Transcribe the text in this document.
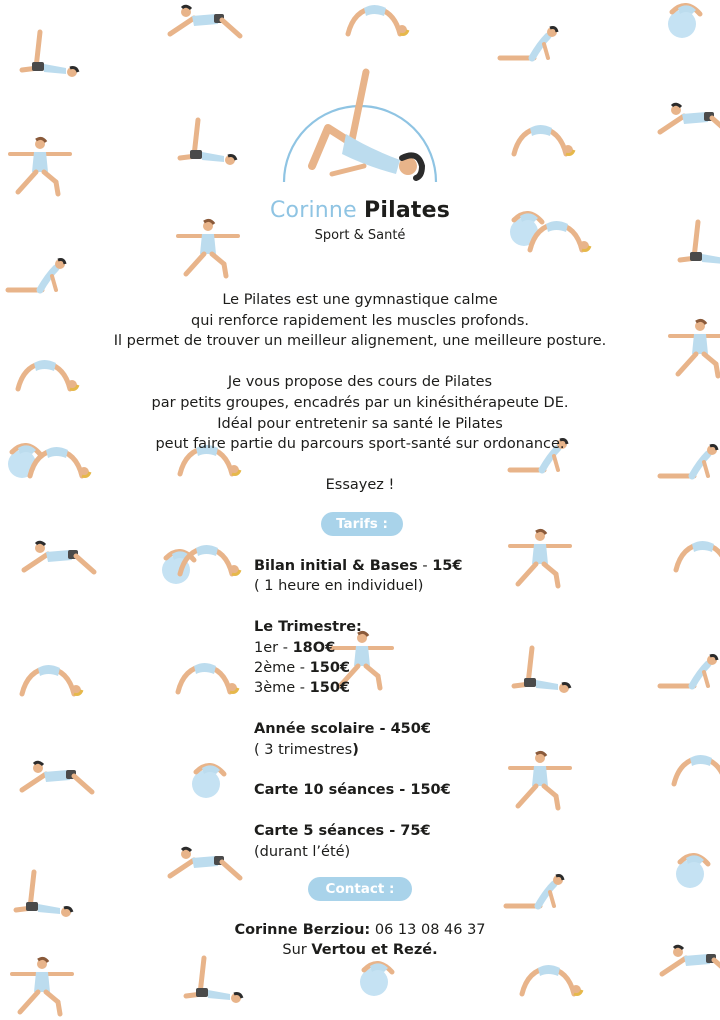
Corinne Pilates
Sport & Santé

Le Pilates est une gymnastique calme

qui renforce rapidement les muscles profonds.

Il permet de trouver un meilleur alignement, une meilleure posture.

Je vous propose des cours de Pilates

par petits groupes, encadrés par un kinésithérapeute DE.

Idéal pour entretenir sa santé le Pilates

peut faire partie du parcours sport-santé sur ordonance.

Essayez !

Tarifs :
Bilan initial & Bases - 15€
( 1 heure en individuel)
Le Trimestre:
1er - 18O€
2ème - 150€
3ème - 150€
Année scolaire - 450€
( 3 trimestres)
Carte 10 séances - 150€
Carte 5 séances - 75€
(durant l’été)
Contact :
Corinne Berziou: 06 13 08 46 37
Sur Vertou et Rezé.
